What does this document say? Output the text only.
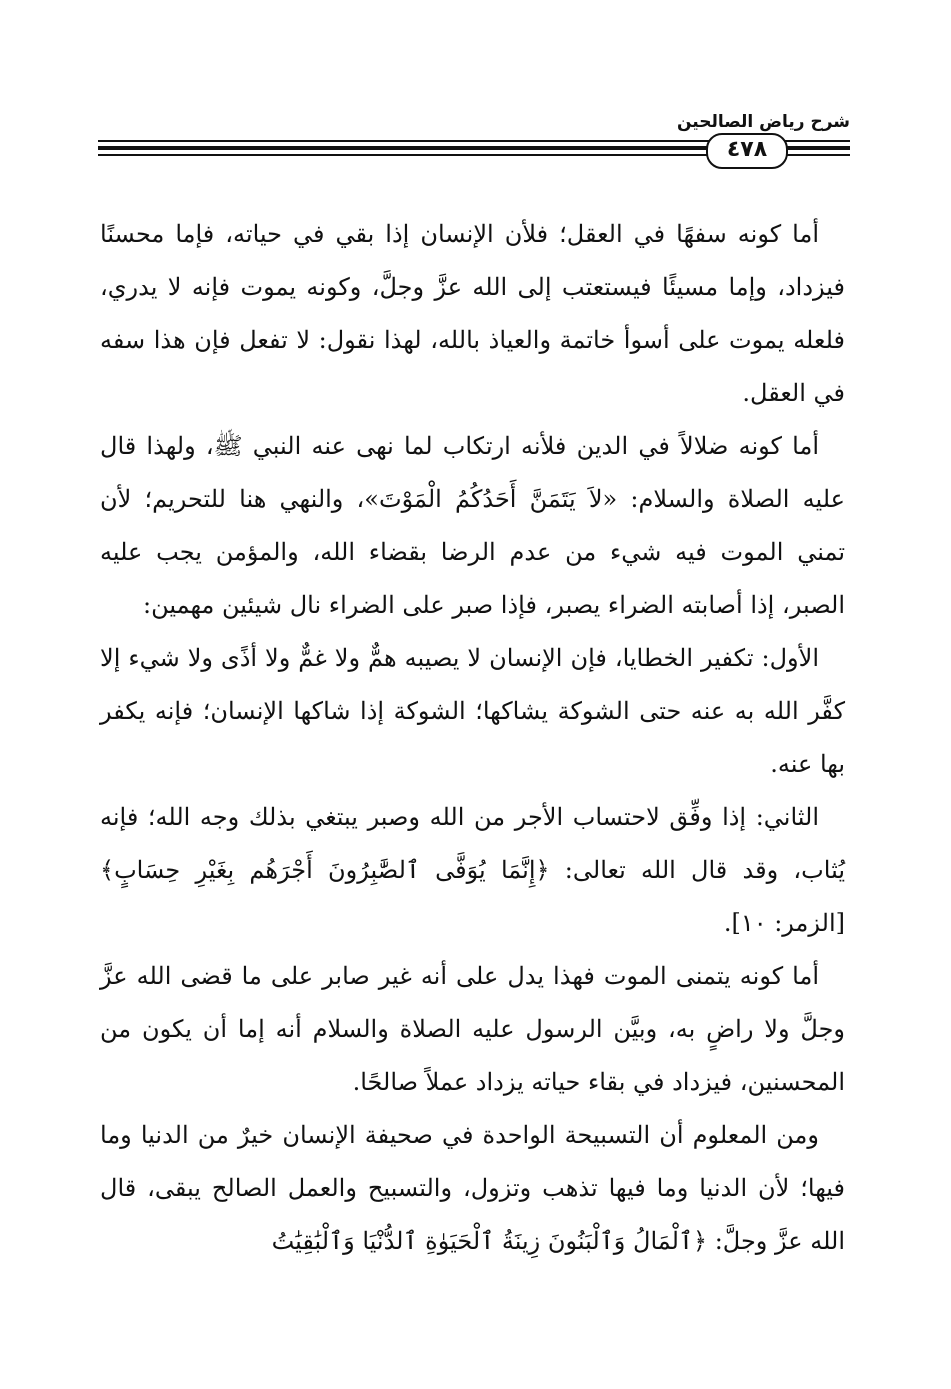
شرح رياض الصالحين
٤٧٨

أما كونه سفهًا في العقل؛ فلأن الإنسان إذا بقي في حياته، فإما محسنًا فيزداد، وإما مسيئًا فيستعتب إلى الله عزَّ وجلَّ، وكونه يموت فإنه لا يدري، فلعله يموت على أسوأ خاتمة والعياذ بالله، لهذا نقول: لا تفعل فإن هذا سفه في العقل.

أما كونه ضلالاً في الدين فلأنه ارتكاب لما نهى عنه النبي ﷺ، ولهذا قال عليه الصلاة والسلام: «لاَ يَتَمَنَّ أَحَدُكُمُ الْمَوْتَ»، والنهي هنا للتحريم؛ لأن تمني الموت فيه شيء من عدم الرضا بقضاء الله، والمؤمن يجب عليه الصبر، إذا أصابته الضراء يصبر، فإذا صبر على الضراء نال شيئين مهمين:

الأول: تكفير الخطايا، فإن الإنسان لا يصيبه همٌّ ولا غمٌّ ولا أذًى ولا شيء إلا كفَّر الله به عنه حتى الشوكة يشاكها؛ الشوكة إذا شاكها الإنسان؛ فإنه يكفر بها عنه.

الثاني: إذا وفِّق لاحتساب الأجر من الله وصبر يبتغي بذلك وجه الله؛ فإنه يُثاب، وقد قال الله تعالى: ﴿إِنَّمَا يُوَفَّى ٱلصَّٰبِرُونَ أَجْرَهُم بِغَيْرِ حِسَابٍ﴾ [الزمر: ١٠].

أما كونه يتمنى الموت فهذا يدل على أنه غير صابر على ما قضى الله عزَّ وجلَّ ولا راضٍ به، وبيَّن الرسول عليه الصلاة والسلام أنه إما أن يكون من المحسنين، فيزداد في بقاء حياته يزداد عملاً صالحًا.

ومن المعلوم أن التسبيحة الواحدة في صحيفة الإنسان خيرٌ من الدنيا وما فيها؛ لأن الدنيا وما فيها تذهب وتزول، والتسبيح والعمل الصالح يبقى، قال الله عزَّ وجلَّ: ﴿ٱلْمَالُ وَٱلْبَنُونَ زِينَةُ ٱلْحَيَوٰةِ ٱلدُّنْيَا وَٱلْبَٰقِيَٰتُ
